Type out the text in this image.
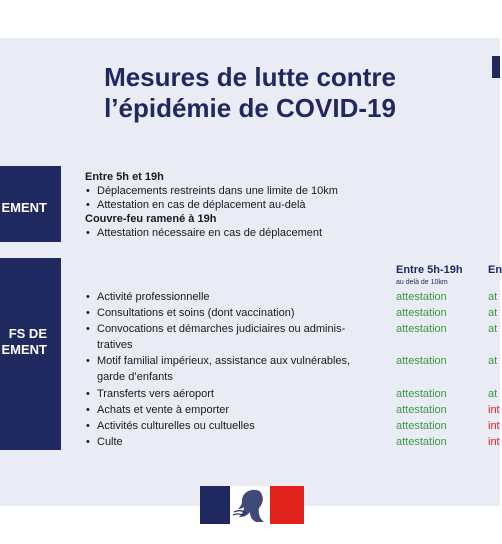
Mesures de lutte contre
l’épidémie de COVID-19
EMENT
FS DE
EMENT
Entre 5h et 19h
• Déplacements restreints dans une limite de 10km
• Attestation en cas de déplacement au-delà
Couvre-feu ramené à 19h
• Attestation nécessaire en cas de déplacement
Entre 5h-19h En
au delà de 10km
• Activité professionnelle	attestation	at
• Consultations et soins (dont vaccination)	attestation	at
• Convocations et démarches judiciaires ou adminis-
tratives
attestation	at
• Motif familial impérieux, assistance aux vulnérables,
garde d’enfants
attestation	at
• Transferts vers aéroport	attestation	at
• Achats et vente à emporter	attestation	int
• Activités culturelles ou cultuelles	attestation	int
• Culte	attestation	int
